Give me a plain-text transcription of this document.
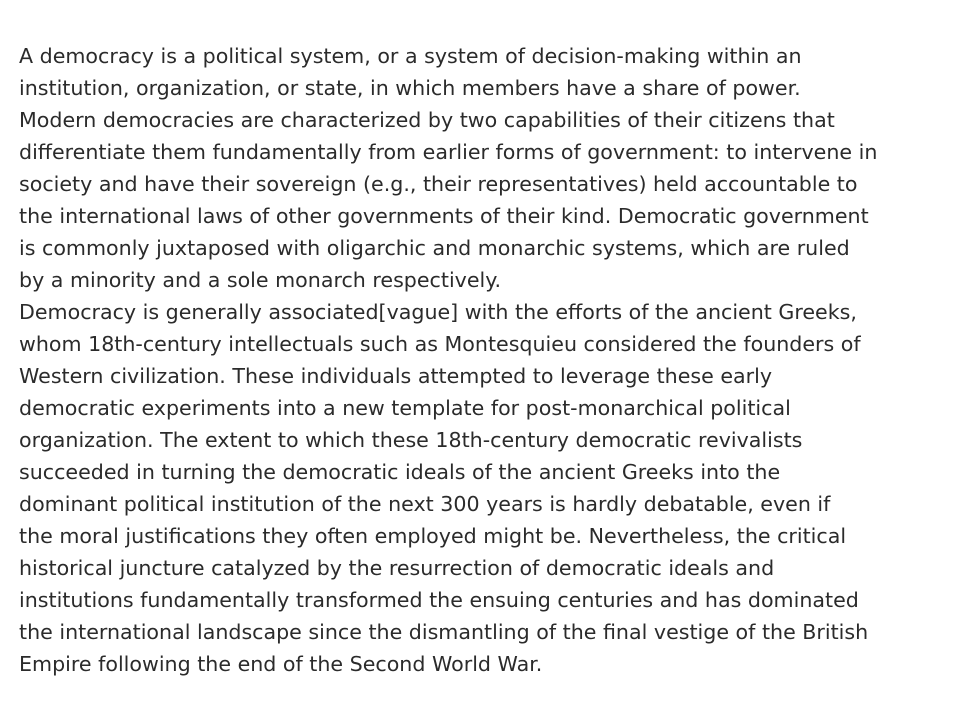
A democracy is a political system, or a system of decision-making within an
institution, organization, or state, in which members have a share of power.
Modern democracies are characterized by two capabilities of their citizens that
differentiate them fundamentally from earlier forms of government: to intervene in
society and have their sovereign (e.g., their representatives) held accountable to
the international laws of other governments of their kind. Democratic government
is commonly juxtaposed with oligarchic and monarchic systems, which are ruled
by a minority and a sole monarch respectively.

Democracy is generally associated[vague] with the efforts of the ancient Greeks,
whom 18th-century intellectuals such as Montesquieu considered the founders of
Western civilization. These individuals attempted to leverage these early
democratic experiments into a new template for post-monarchical political
organization. The extent to which these 18th-century democratic revivalists
succeeded in turning the democratic ideals of the ancient Greeks into the
dominant political institution of the next 300 years is hardly debatable, even if
the moral justifications they often employed might be. Nevertheless, the critical
historical juncture catalyzed by the resurrection of democratic ideals and
institutions fundamentally transformed the ensuing centuries and has dominated
the international landscape since the dismantling of the final vestige of the British
Empire following the end of the Second World War.
